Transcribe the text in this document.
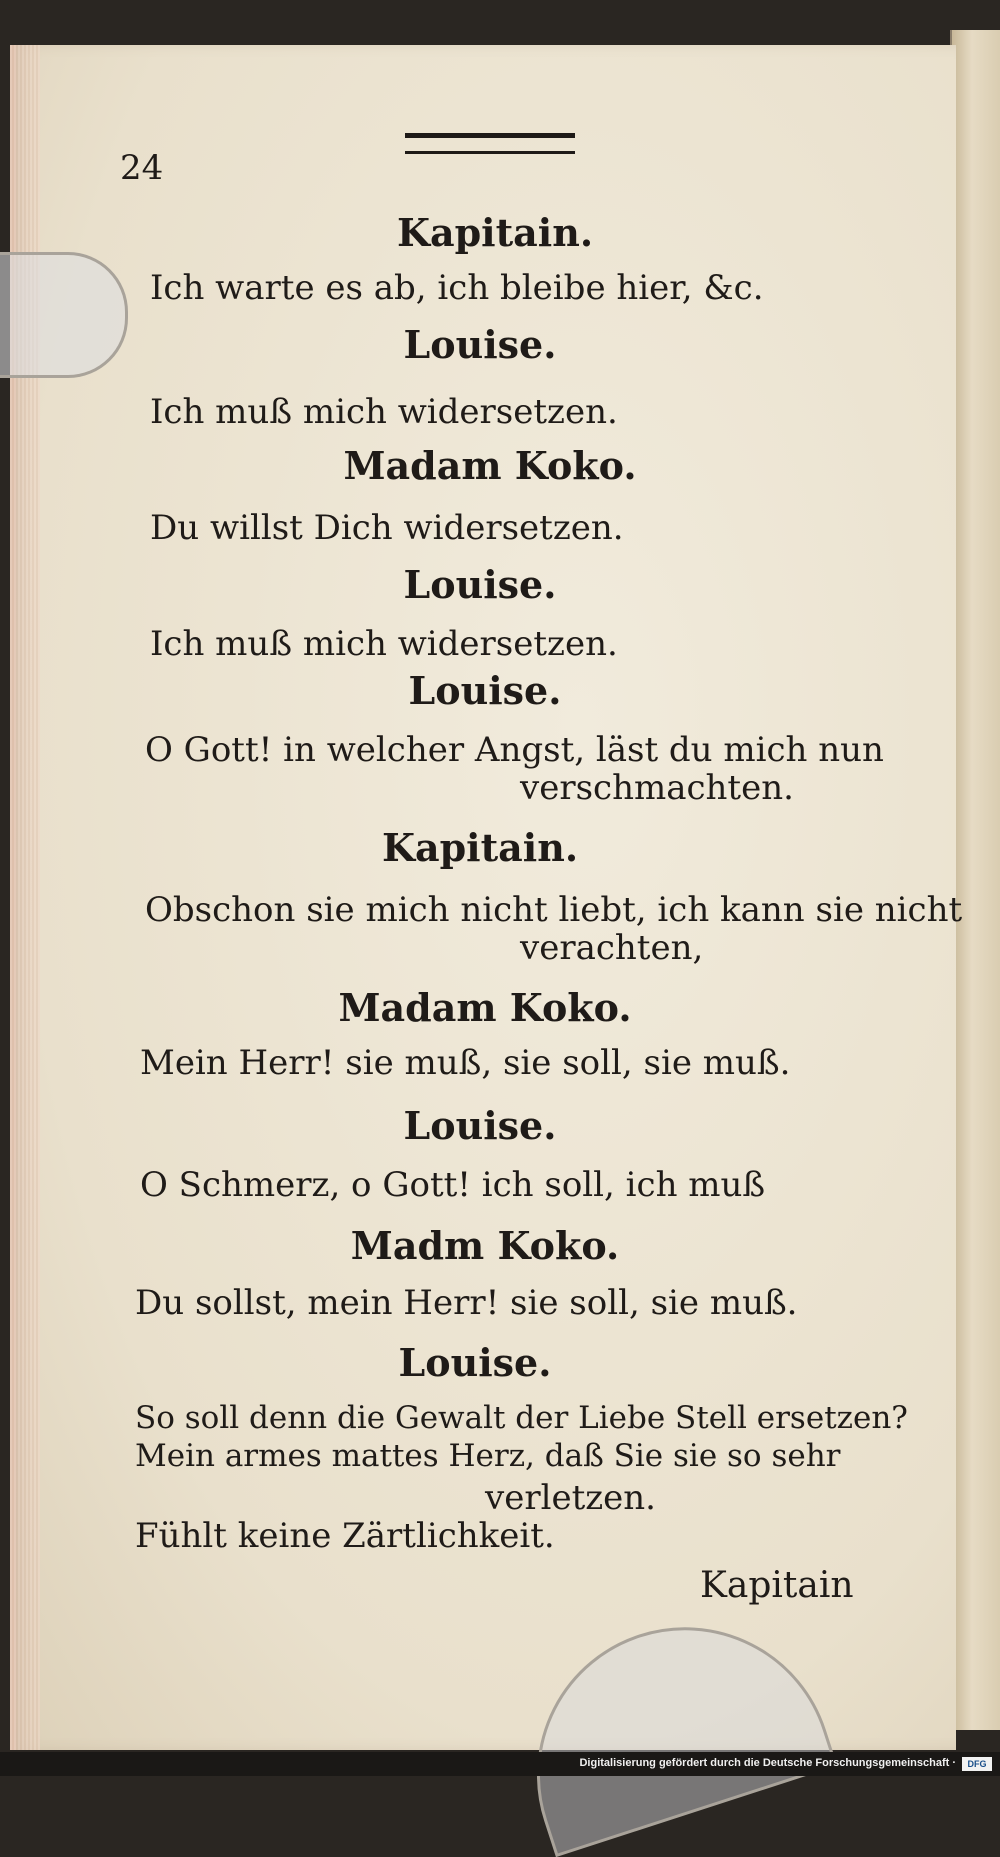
24
Kapitain.
Ich warte es ab, ich bleibe hier, &c.
Louise.
Ich muß mich widersetzen.
Madam Koko.
Du willst Dich widersetzen.
Louise.
Ich muß mich widersetzen.
Louise.
O Gott! in welcher Angst, läst du mich nun
verschmachten.
Kapitain.
Obschon sie mich nicht liebt, ich kann sie nicht
verachten,
Madam Koko.
Mein Herr! sie muß, sie soll, sie muß.
Louise.
O Schmerz, o Gott! ich soll, ich muß
Madm Koko.
Du sollst, mein Herr! sie soll, sie muß.
Louise.
So soll denn die Gewalt der Liebe Stell ersetzen?
Mein armes mattes Herz, daß Sie sie so sehr
verletzen.
Fühlt keine Zärtlichkeit.
Kapitain
Digitalisierung gefördert durch die Deutsche Forschungsgemeinschaft ·	DFG
